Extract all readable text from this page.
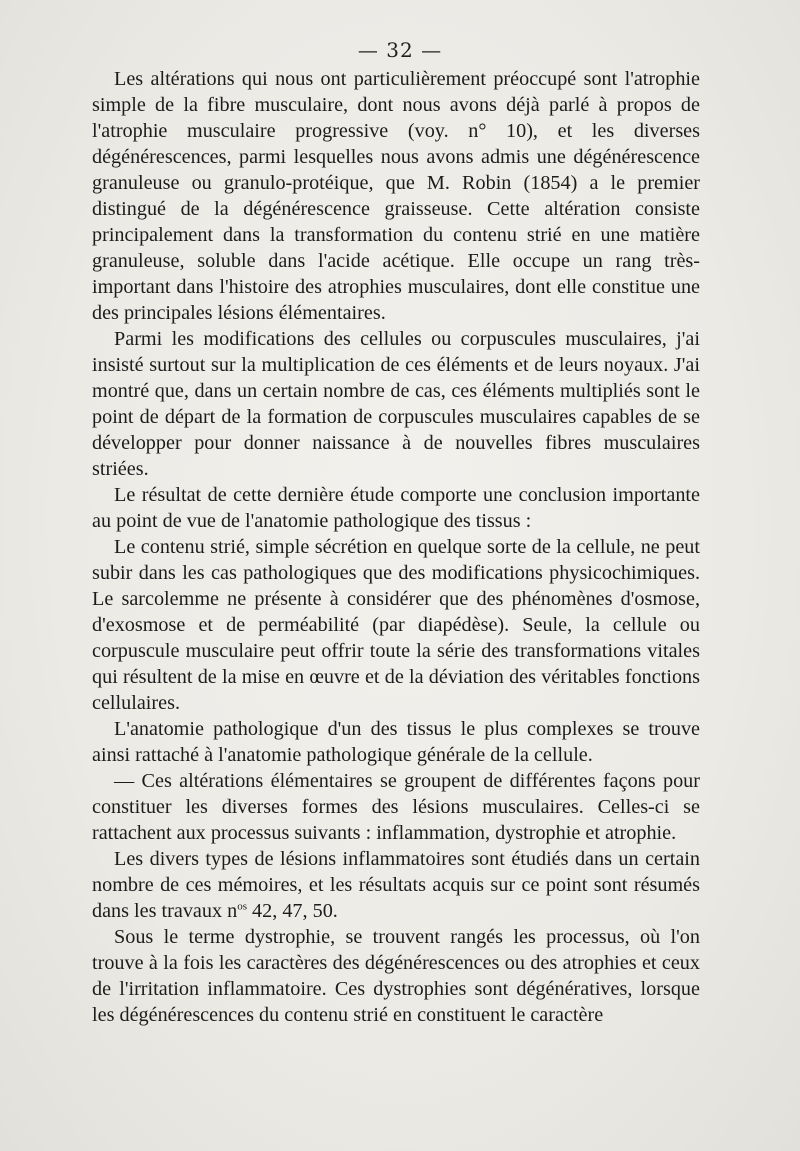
— 32 —

Les altérations qui nous ont particulièrement préoccupé sont l'atrophie simple de la fibre musculaire, dont nous avons déjà parlé à propos de l'atrophie musculaire progressive (voy. n° 10), et les diverses dégénérescences, parmi lesquelles nous avons admis une dégénérescence granuleuse ou granulo-protéique, que M. Robin (1854) a le premier distingué de la dégénérescence graisseuse. Cette altération consiste principalement dans la transformation du contenu strié en une matière granuleuse, soluble dans l'acide acétique. Elle occupe un rang très-important dans l'histoire des atrophies musculaires, dont elle constitue une des principales lésions élémentaires.

Parmi les modifications des cellules ou corpuscules musculaires, j'ai insisté surtout sur la multiplication de ces éléments et de leurs noyaux. J'ai montré que, dans un certain nombre de cas, ces éléments multipliés sont le point de départ de la formation de corpuscules musculaires capables de se développer pour donner naissance à de nouvelles fibres musculaires striées.

Le résultat de cette dernière étude comporte une conclusion importante au point de vue de l'anatomie pathologique des tissus :

Le contenu strié, simple sécrétion en quelque sorte de la cellule, ne peut subir dans les cas pathologiques que des modifications physicochimiques. Le sarcolemme ne présente à considérer que des phénomènes d'osmose, d'exosmose et de perméabilité (par diapédèse). Seule, la cellule ou corpuscule musculaire peut offrir toute la série des transformations vitales qui résultent de la mise en œuvre et de la déviation des véritables fonctions cellulaires.

L'anatomie pathologique d'un des tissus le plus complexes se trouve ainsi rattaché à l'anatomie pathologique générale de la cellule.

— Ces altérations élémentaires se groupent de différentes façons pour constituer les diverses formes des lésions musculaires. Celles-ci se rattachent aux processus suivants : inflammation, dystrophie et atrophie.

Les divers types de lésions inflammatoires sont étudiés dans un certain nombre de ces mémoires, et les résultats acquis sur ce point sont résumés dans les travaux $n^{os}$ 42, 47, 50.

Sous le terme dystrophie, se trouvent rangés les processus, où l'on trouve à la fois les caractères des dégénérescences ou des atrophies et ceux de l'irritation inflammatoire. Ces dystrophies sont dégénératives, lorsque les dégénérescences du contenu strié en constituent le caractère
